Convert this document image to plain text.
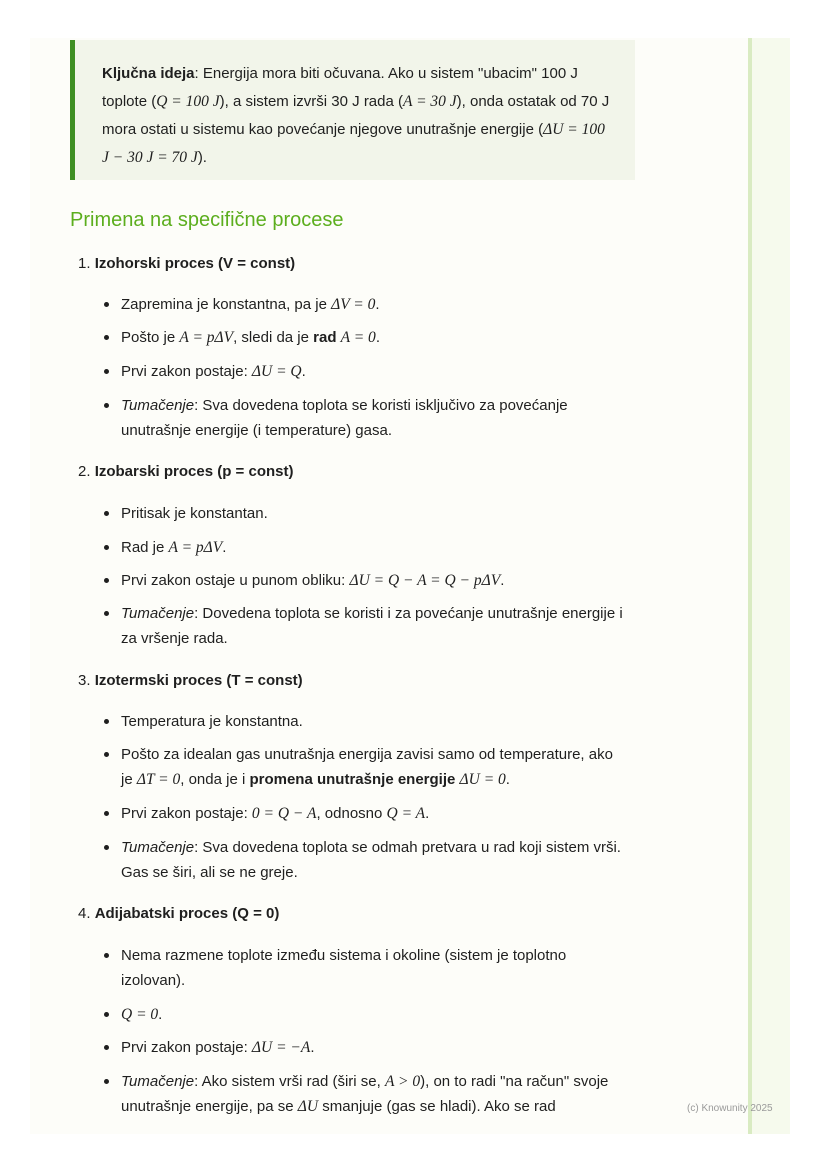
Ključna ideja: Energija mora biti očuvana. Ako u sistem "ubacim" 100 J toplote (Q = 100 J), a sistem izvrši 30 J rada (A = 30 J), onda ostatak od 70 J mora ostati u sistemu kao povećanje njegove unutrašnje energije (ΔU = 100 J − 30 J = 70 J).
Primena na specifične procese
1. Izohorski proces (V = const)
Zapremina je konstantna, pa je ΔV = 0.
Pošto je A = pΔV, sledi da je rad A = 0.
Prvi zakon postaje: ΔU = Q.
Tumačenje: Sva dovedena toplota se koristi isključivo za povećanje unutrašnje energije (i temperature) gasa.
2. Izobarski proces (p = const)
Pritisak je konstantan.
Rad je A = pΔV.
Prvi zakon ostaje u punom obliku: ΔU = Q − A = Q − pΔV.
Tumačenje: Dovedena toplota se koristi i za povećanje unutrašnje energije i za vršenje rada.
3. Izotermski proces (T = const)
Temperatura je konstantna.
Pošto za idealan gas unutrašnja energija zavisi samo od temperature, ako je ΔT = 0, onda je i promena unutrašnje energije ΔU = 0.
Prvi zakon postaje: 0 = Q − A, odnosno Q = A.
Tumačenje: Sva dovedena toplota se odmah pretvara u rad koji sistem vrši. Gas se širi, ali se ne greje.
4. Adijabatski proces (Q = 0)
Nema razmene toplote između sistema i okoline (sistem je toplotno izolovan).
Q = 0.
Prvi zakon postaje: ΔU = −A.
Tumačenje: Ako sistem vrši rad (širi se, A > 0), on to radi "na račun" svoje unutrašnje energije, pa se ΔU smanjuje (gas se hladi). Ako se rad	(c) Knowunity 2025
